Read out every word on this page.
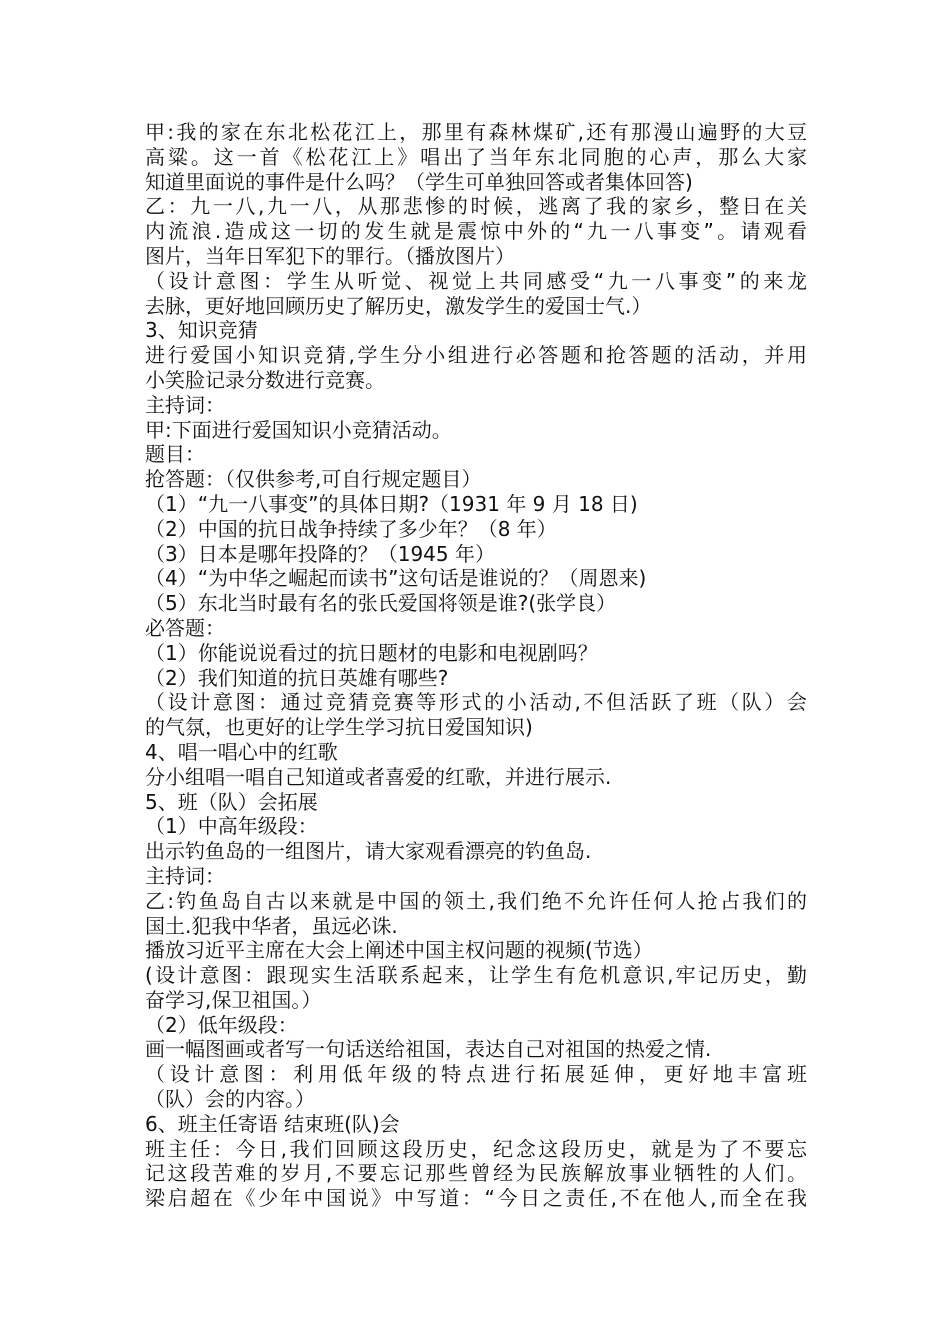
甲:我的家在东北松花江上，那里有森林煤矿,还有那漫山遍野的大豆
高粱。这一首《松花江上》唱出了当年东北同胞的心声，那么大家
知道里面说的事件是什么吗？（学生可单独回答或者集体回答)
乙：九一八,九一八，从那悲惨的时候，逃离了我的家乡，整日在关
内流浪.造成这一切的发生就是震惊中外的“九一八事变”。请观看
图片，当年日军犯下的罪行。（播放图片）
（设计意图：学生从听觉、视觉上共同感受“九一八事变”的来龙
去脉，更好地回顾历史了解历史，激发学生的爱国士气.）
3、知识竞猜
进行爱国小知识竞猜,学生分小组进行必答题和抢答题的活动，并用
小笑脸记录分数进行竞赛。
主持词：
甲:下面进行爱国知识小竞猜活动。
题目：
抢答题：（仅供参考,可自行规定题目）
（1）“九一八事变”的具体日期?（1931 年 9 月 18 日)
（2）中国的抗日战争持续了多少年？（8 年）
（3）日本是哪年投降的？（1945 年）
（4）“为中华之崛起而读书”这句话是谁说的？（周恩来)
（5）东北当时最有名的张氏爱国将领是谁?(张学良）
必答题：
（1）你能说说看过的抗日题材的电影和电视剧吗？
（2）我们知道的抗日英雄有哪些?
（设计意图：通过竞猜竞赛等形式的小活动,不但活跃了班（队）会
的气氛，也更好的让学生学习抗日爱国知识)
4、唱一唱心中的红歌
分小组唱一唱自己知道或者喜爱的红歌，并进行展示.
5、班（队）会拓展
（1）中高年级段：
出示钓鱼岛的一组图片，请大家观看漂亮的钓鱼岛.
主持词：
乙:钓鱼岛自古以来就是中国的领土,我们绝不允许任何人抢占我们的
国土.犯我中华者，虽远必诛.
播放习近平主席在大会上阐述中国主权问题的视频(节选）
(设计意图：跟现实生活联系起来，让学生有危机意识,牢记历史，勤
奋学习,保卫祖国。）
（2）低年级段：
画一幅图画或者写一句话送给祖国，表达自己对祖国的热爱之情.
（设计意图：利用低年级的特点进行拓展延伸，更好地丰富班
（队）会的内容。）
6、班主任寄语 结束班(队)会
班主任：今日,我们回顾这段历史，纪念这段历史，就是为了不要忘
记这段苦难的岁月,不要忘记那些曾经为民族解放事业牺牲的人们。
梁启超在《少年中国说》中写道：“今日之责任,不在他人,而全在我
